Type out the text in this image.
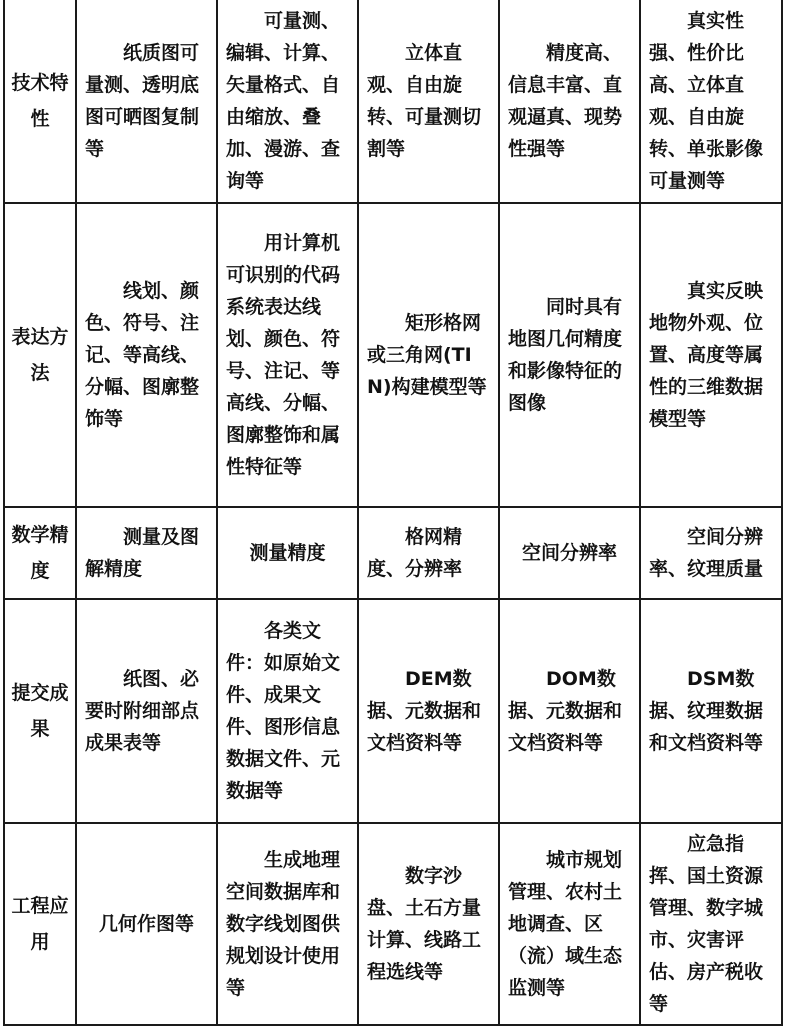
技术特性	纸质图可量测、透明底图可晒图复制等	可量测、编辑、计算、矢量格式、自由缩放、叠加、漫游、查询等	立体直观、自由旋转、可量测切割等	精度高、信息丰富、直观逼真、现势性强等	真实性强、性价比高、立体直观、自由旋转、单张影像可量测等
表达方法	线划、颜色、符号、注记、等高线、分幅、图廓整饰等	用计算机可识别的代码系统表达线划、颜色、符号、注记、等高线、分幅、图廓整饰和属性特征等	矩形格网或三角网(TIN)构建模型等	同时具有地图几何精度和影像特征的图像	真实反映地物外观、位置、高度等属性的三维数据模型等
数学精度	测量及图解精度	测量精度	格网精度、分辨率	空间分辨率	空间分辨率、纹理质量
提交成果	纸图、必要时附细部点成果表等	各类文件：如原始文件、成果文件、图形信息数据文件、元数据等	DEM数据、元数据和文档资料等	DOM数据、元数据和文档资料等	DSM数据、纹理数据和文档资料等
工程应用	几何作图等	生成地理空间数据库和数字线划图供规划设计使用等	数字沙盘、土石方量计算、线路工程选线等	城市规划管理、农村土地调查、区（流）域生态监测等	应急指挥、国土资源管理、数字城市、灾害评估、房产税收等
